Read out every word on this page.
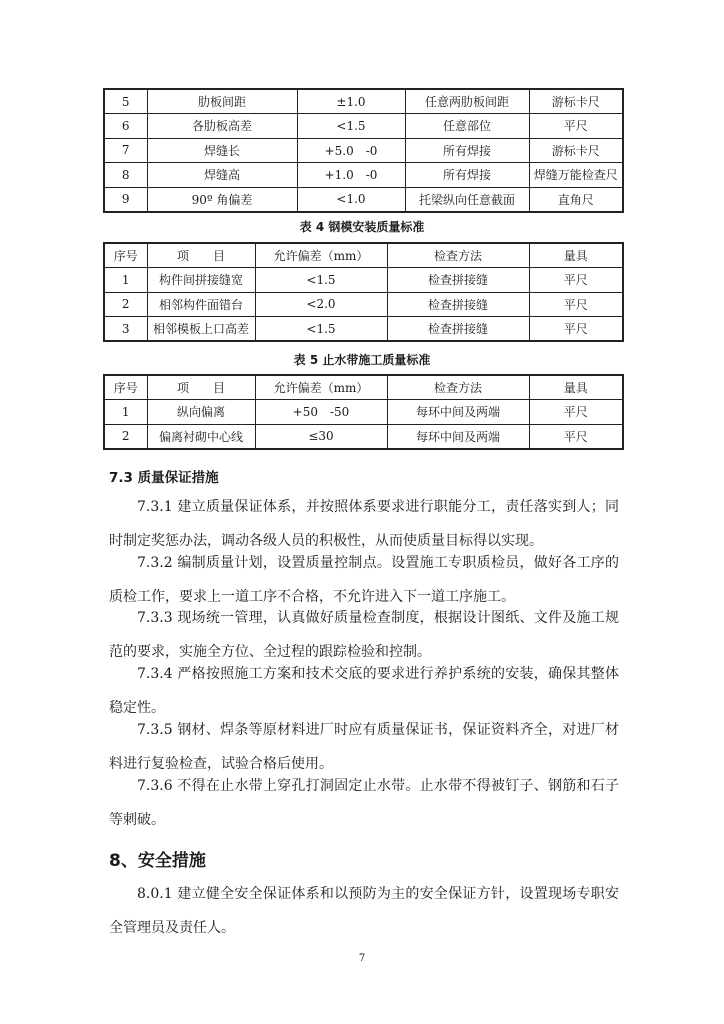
5	肋板间距	±1.0	任意两肋板间距	游标卡尺
6	各肋板高差	<1.5	任意部位	平尺
7	焊缝长	+5.0　-0	所有焊接	游标卡尺
8	焊缝高	+1.0　-0	所有焊接	焊缝万能检查尺
9	90º 角偏差	<1.0	托梁纵向任意截面	直角尺
表 4 钢模安装质量标准
序号	项　　目	允许偏差（mm）	检查方法	量具
1	构件间拼接缝宽	<1.5	检查拼接缝	平尺
2	相邻构件面错台	<2.0	检查拼接缝	平尺
3	相邻模板上口高差	<1.5	检查拼接缝	平尺
表 5 止水带施工质量标准
序号	项　　目	允许偏差（mm）	检查方法	量具
1	纵向偏离	+50　-50	每环中间及两端	平尺
2	偏离衬砌中心线	≤30	每环中间及两端	平尺
7.3 质量保证措施
7.3.1 建立质量保证体系，并按照体系要求进行职能分工，责任落实到人；同时制定奖惩办法，调动各级人员的积极性，从而使质量目标得以实现。
7.3.2 编制质量计划，设置质量控制点。设置施工专职质检员，做好各工序的质检工作，要求上一道工序不合格，不允许进入下一道工序施工。
7.3.3 现场统一管理，认真做好质量检查制度，根据设计图纸、文件及施工规范的要求，实施全方位、全过程的跟踪检验和控制。
7.3.4 严格按照施工方案和技术交底的要求进行养护系统的安装，确保其整体稳定性。
7.3.5 钢材、焊条等原材料进厂时应有质量保证书，保证资料齐全，对进厂材料进行复验检查，试验合格后使用。
7.3.6 不得在止水带上穿孔打洞固定止水带。止水带不得被钉子、钢筋和石子等刺破。
8、安全措施
8.0.1 建立健全安全保证体系和以预防为主的安全保证方针，设置现场专职安全管理员及责任人。
7
